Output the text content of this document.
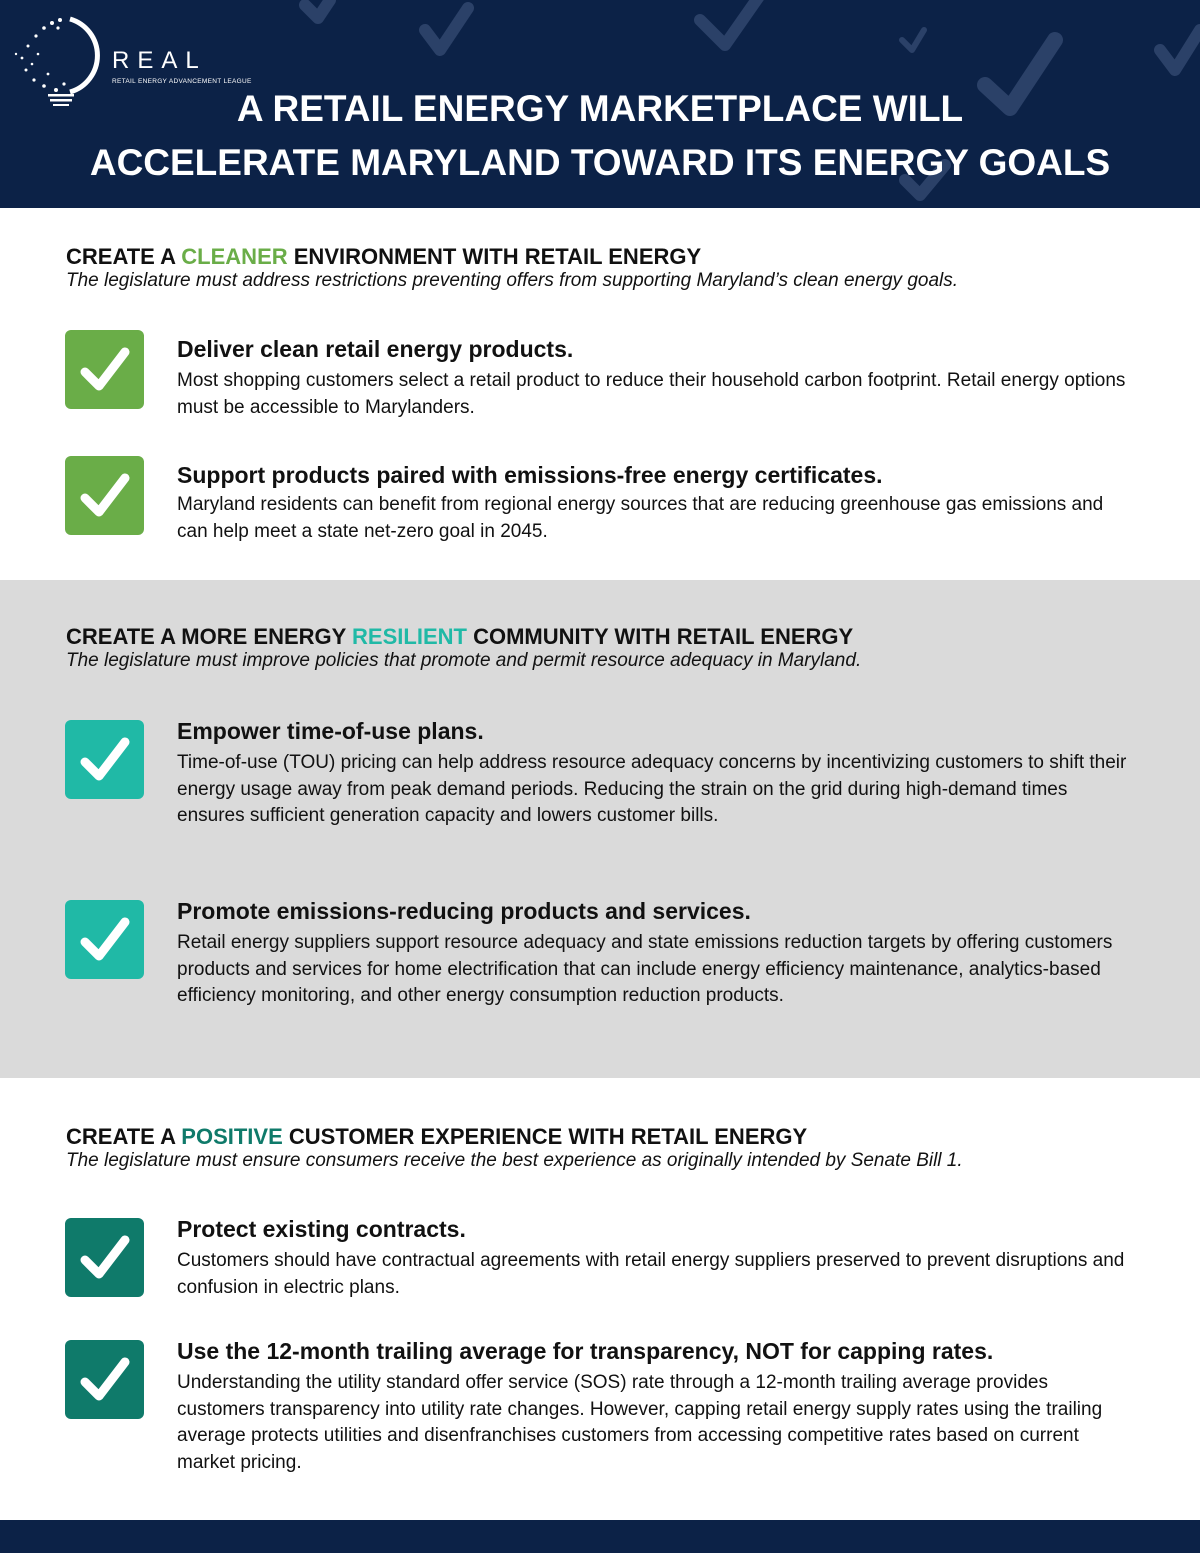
REAL
RETAIL ENERGY ADVANCEMENT LEAGUE
A RETAIL ENERGY MARKETPLACE WILL
ACCELERATE MARYLAND TOWARD ITS ENERGY GOALS
CREATE A CLEANER ENVIRONMENT WITH RETAIL ENERGY
The legislature must address restrictions preventing offers from supporting Maryland’s clean energy goals.
Deliver clean retail energy products.
Most shopping customers select a retail product to reduce their household carbon footprint. Retail energy options must be accessible to Marylanders.
Support products paired with emissions-free energy certificates.
Maryland residents can benefit from regional energy sources that are reducing greenhouse gas emissions and can help meet a state net-zero goal in 2045.
CREATE A MORE ENERGY RESILIENT COMMUNITY WITH RETAIL ENERGY
The legislature must improve policies that promote and permit resource adequacy in Maryland.
Empower time-of-use plans.
Time-of-use (TOU) pricing can help address resource adequacy concerns by incentivizing customers to shift their energy usage away from peak demand periods. Reducing the strain on the grid during high-demand times ensures sufficient generation capacity and lowers customer bills.
Promote emissions-reducing products and services.
Retail energy suppliers support resource adequacy and state emissions reduction targets by offering customers products and services for home electrification that can include energy efficiency maintenance, analytics-based efficiency monitoring, and other energy consumption reduction products.
CREATE A POSITIVE CUSTOMER EXPERIENCE WITH RETAIL ENERGY
The legislature must ensure consumers receive the best experience as originally intended by Senate Bill 1.
Protect existing contracts.
Customers should have contractual agreements with retail energy suppliers preserved to prevent disruptions and confusion in electric plans.
Use the 12-month trailing average for transparency, NOT for capping rates.
Understanding the utility standard offer service (SOS) rate through a 12-month trailing average provides customers transparency into utility rate changes. However, capping retail energy supply rates using the trailing average protects utilities and disenfranchises customers from accessing competitive rates based on current market pricing.
